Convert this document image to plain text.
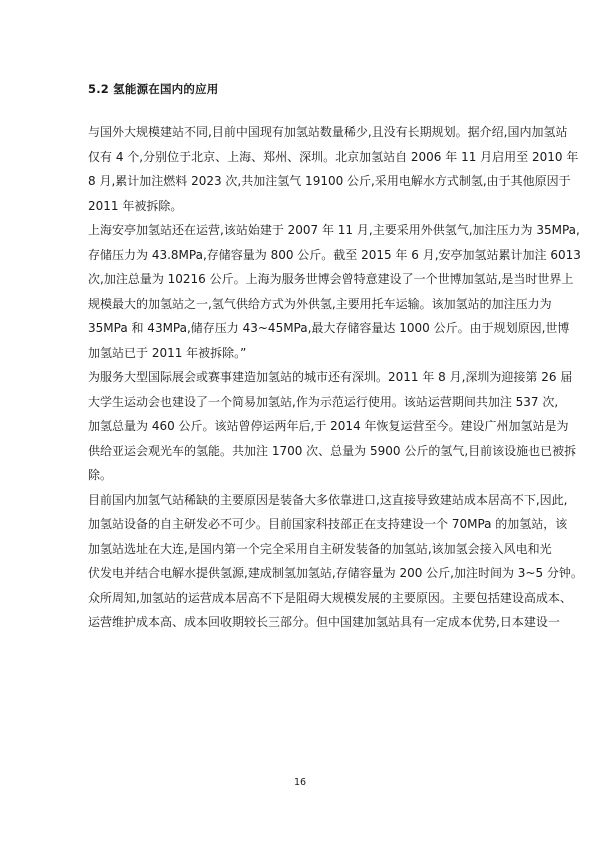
5.2 氢能源在国内的应用
与国外大规模建站不同,目前中国现有加氢站数量稀少,且没有长期规划。据介绍,国内加氢站
仅有 4 个,分别位于北京、上海、郑州、深圳。北京加氢站自 2006 年 11 月启用至 2010 年
8 月,累计加注燃料 2023 次,共加注氢气 19100 公斤,采用电解水方式制氢,由于其他原因于
2011 年被拆除。
上海安亭加氢站还在运营,该站始建于 2007 年 11 月,主要采用外供氢气,加注压力为 35MPa,
存储压力为 43.8MPa,存储容量为 800 公斤。截至 2015 年 6 月,安亭加氢站累计加注 6013
次,加注总量为 10216 公斤。上海为服务世博会曾特意建设了一个世博加氢站,是当时世界上
规模最大的加氢站之一,氢气供给方式为外供氢,主要用托车运输。该加氢站的加注压力为
35MPa 和 43MPa,储存压力 43~45MPa,最大存储容量达 1000 公斤。由于规划原因,世博
加氢站已于 2011 年被拆除。”
为服务大型国际展会或赛事建造加氢站的城市还有深圳。2011 年 8 月,深圳为迎接第 26 届
大学生运动会也建设了一个简易加氢站,作为示范运行使用。该站运营期间共加注 537 次,
加氢总量为 460 公斤。该站曾停运两年后,于 2014 年恢复运营至今。建设广州加氢站是为
供给亚运会观光车的氢能。共加注 1700 次、总量为 5900 公斤的氢气,目前该设施也已被拆
除。
目前国内加氢气站稀缺的主要原因是装备大多依靠进口,这直接导致建站成本居高不下,因此,
加氢站设备的自主研发必不可少。目前国家科技部正在支持建设一个 70MPa 的加氢站，该
加氢站选址在大连,是国内第一个完全采用自主研发装备的加氢站,该加氢会接入风电和光
伏发电并结合电解水提供氢源,建成制氢加氢站,存储容量为 200 公斤,加注时间为 3~5 分钟。
众所周知,加氢站的运营成本居高不下是阻碍大规模发展的主要原因。主要包括建设高成本、
运营维护成本高、成本回收期较长三部分。但中国建加氢站具有一定成本优势,日本建设一
16
